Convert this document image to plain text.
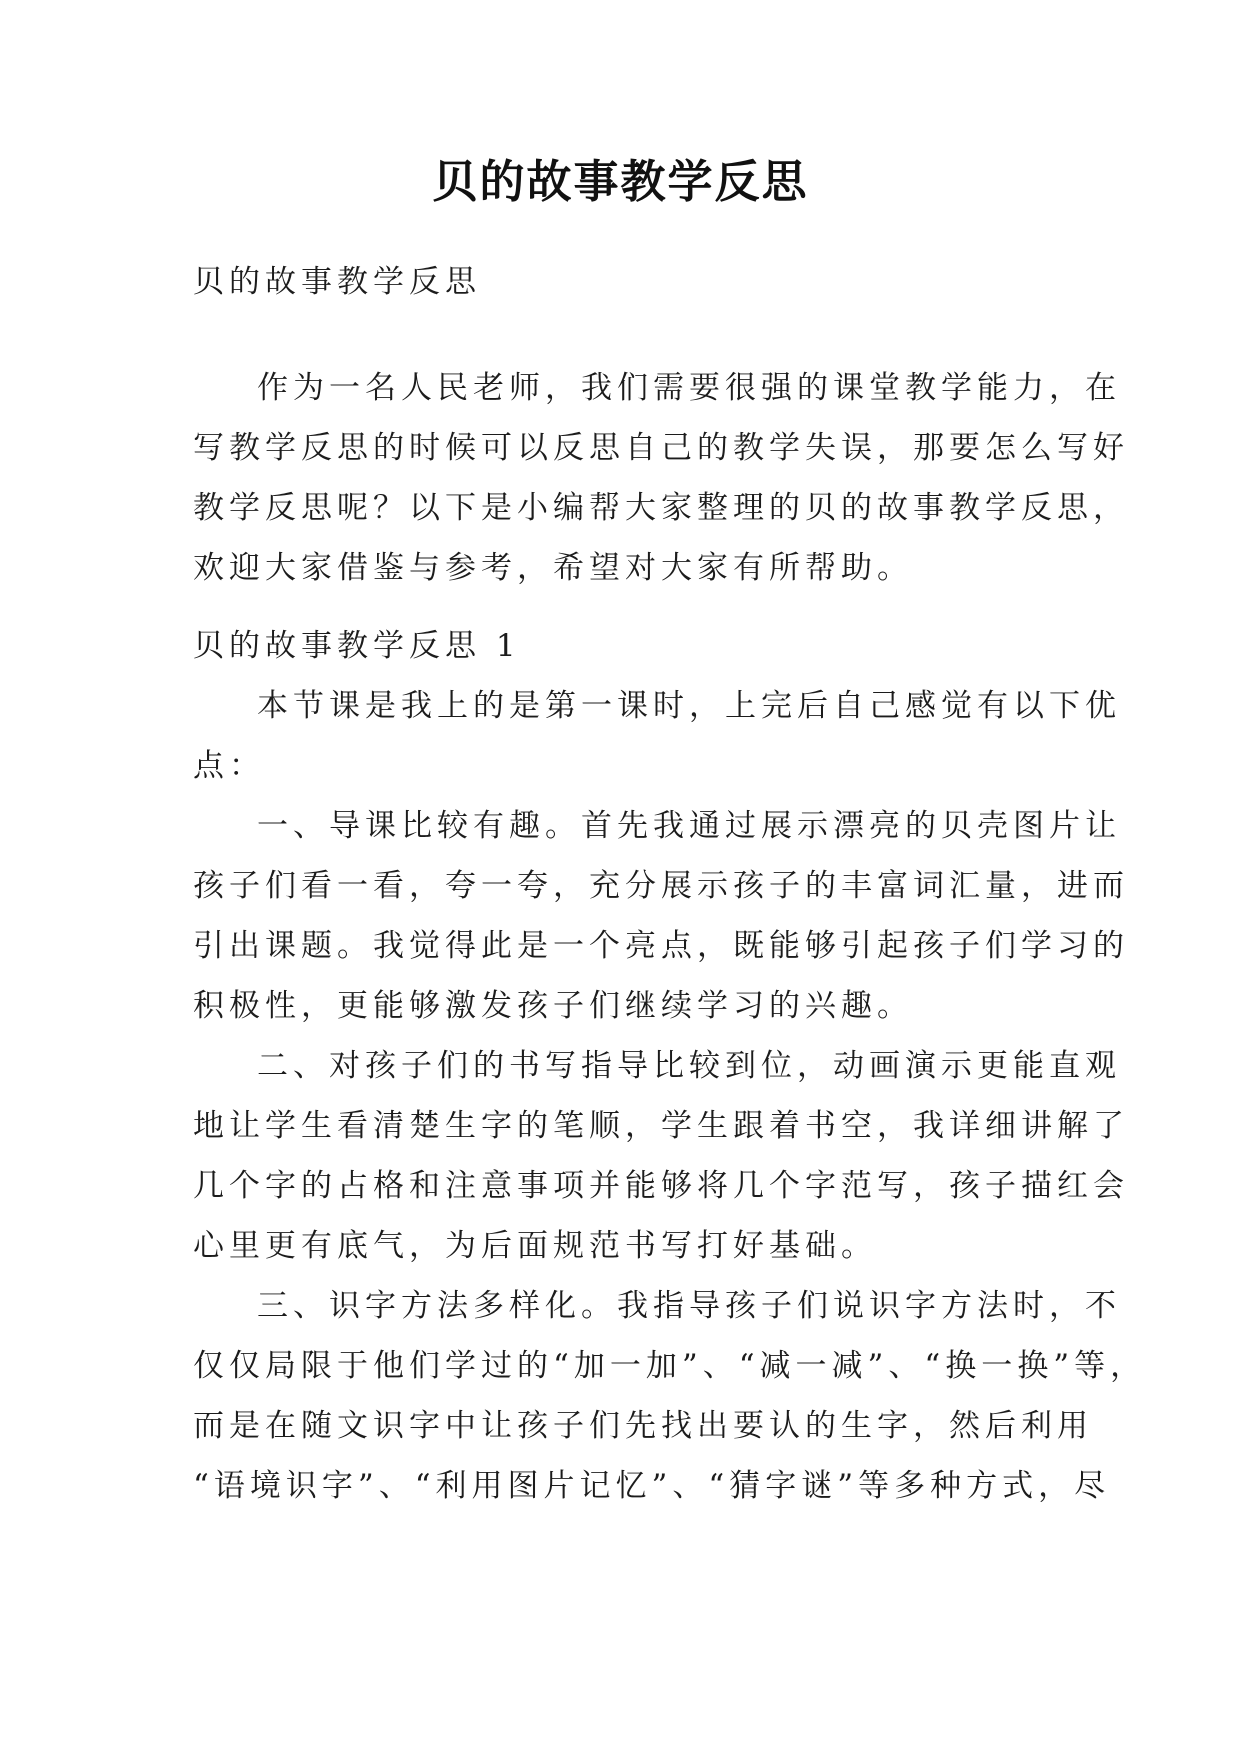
贝的故事教学反思
贝的故事教学反思
作为一名人民老师，我们需要很强的课堂教学能力，在
写教学反思的时候可以反思自己的教学失误，那要怎么写好
教学反思呢？以下是小编帮大家整理的贝的故事教学反思，
欢迎大家借鉴与参考，希望对大家有所帮助。
贝的故事教学反思 1
本节课是我上的是第一课时，上完后自己感觉有以下优
点：
一、导课比较有趣。首先我通过展示漂亮的贝壳图片让
孩子们看一看，夸一夸，充分展示孩子的丰富词汇量，进而
引出课题。我觉得此是一个亮点，既能够引起孩子们学习的
积极性，更能够激发孩子们继续学习的兴趣。
二、对孩子们的书写指导比较到位，动画演示更能直观
地让学生看清楚生字的笔顺，学生跟着书空，我详细讲解了
几个字的占格和注意事项并能够将几个字范写，孩子描红会
心里更有底气，为后面规范书写打好基础。
三、识字方法多样化。我指导孩子们说识字方法时，不
仅仅局限于他们学过的“加一加”、“减一减”、“换一换”等，
而是在随文识字中让孩子们先找出要认的生字，然后利用
“语境识字”、“利用图片记忆”、“猜字谜”等多种方式，尽
